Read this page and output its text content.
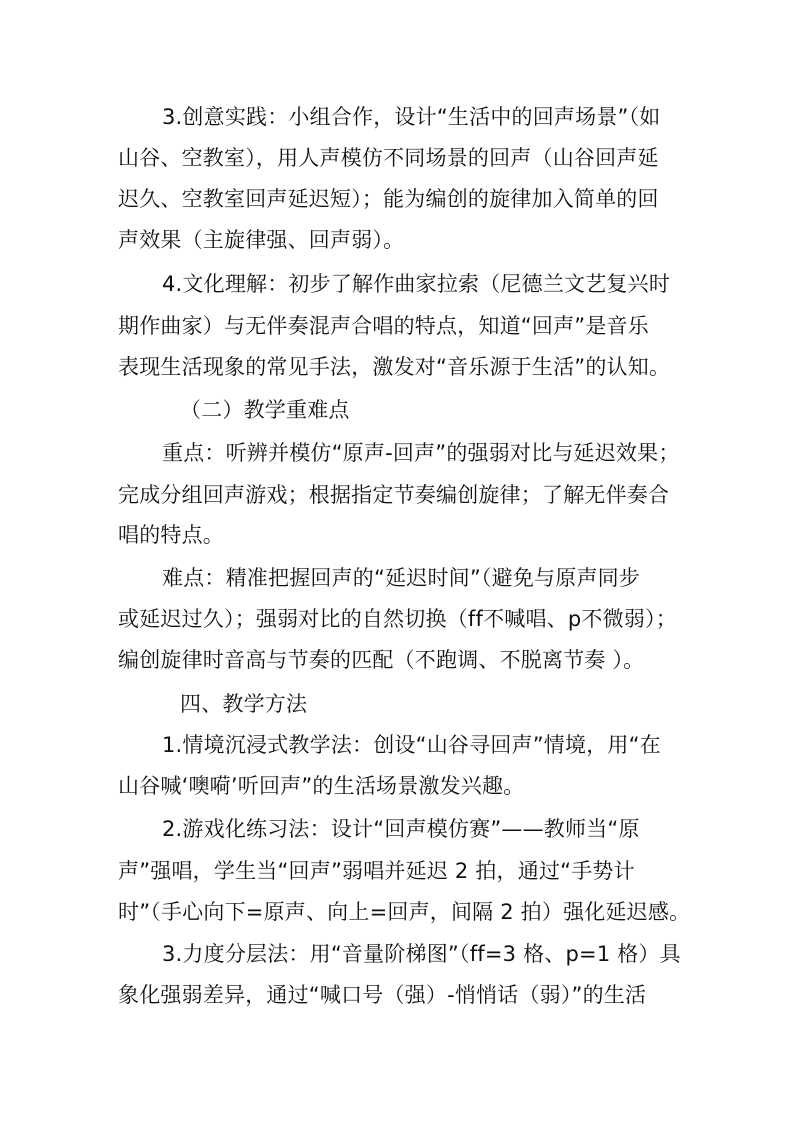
3.创意实践：小组合作，设计“生活中的回声场景”（如
山谷、空教室），用人声模仿不同场景的回声（山谷回声延
迟久、空教室回声延迟短）；能为编创的旋律加入简单的回
声效果（主旋律强、回声弱）。
4.文化理解：初步了解作曲家拉索（尼德兰文艺复兴时
期作曲家）与无伴奏混声合唱的特点，知道“回声”是音乐
表现生活现象的常见手法，激发对“音乐源于生活”的认知。
（二）教学重难点
重点：听辨并模仿“原声-回声”的强弱对比与延迟效果；
完成分组回声游戏；根据指定节奏编创旋律；了解无伴奏合
唱的特点。
难点：精准把握回声的“延迟时间”（避免与原声同步
或延迟过久）；强弱对比的自然切换（ff不喊唱、p不微弱）；
编创旋律时音高与节奏的匹配（不跑调、不脱离节奏 ）。
四、教学方法
1.情境沉浸式教学法：创设“山谷寻回声”情境，用“在
山谷喊‘噢嗬’听回声”的生活场景激发兴趣。
2.游戏化练习法：设计“回声模仿赛”——教师当“原
声”强唱，学生当“回声”弱唱并延迟 2 拍，通过“手势计
时”（手心向下=原声、向上=回声，间隔 2 拍）强化延迟感。
3.力度分层法：用“音量阶梯图”（ff=3 格、p=1 格）具
象化强弱差异，通过“喊口号（强）-悄悄话（弱）”的生活
